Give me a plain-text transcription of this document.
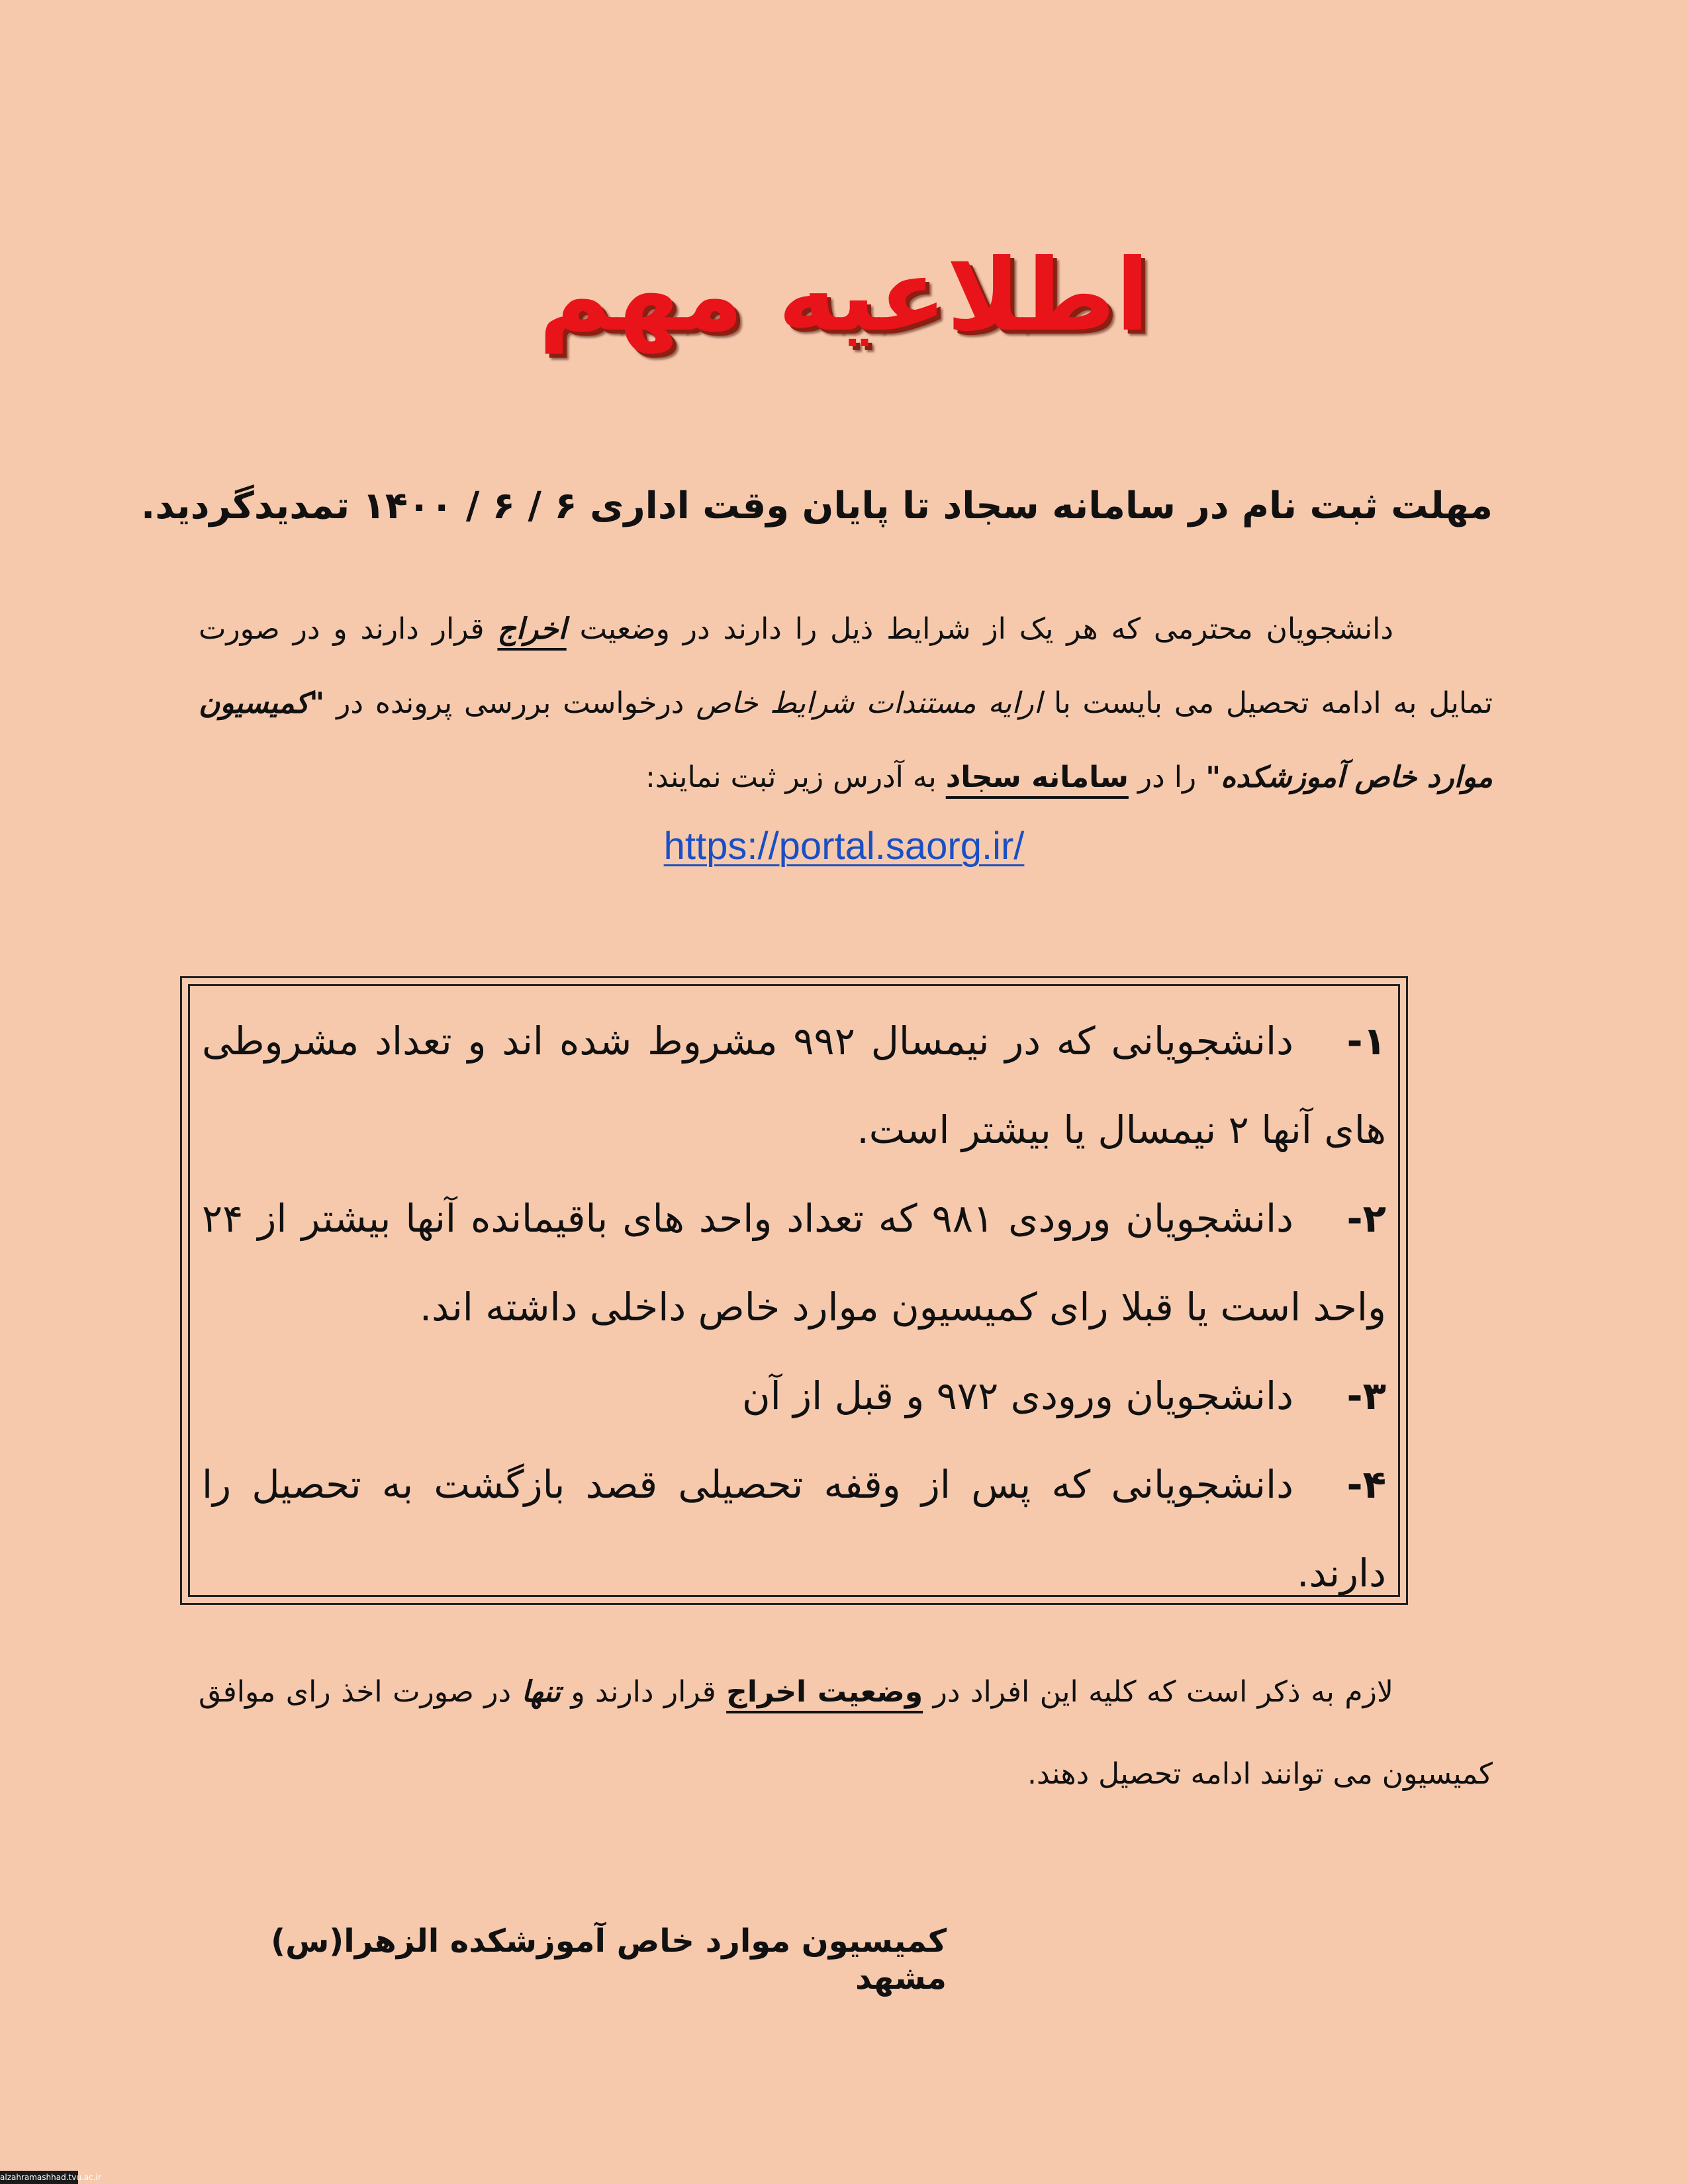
اطلاعیه مهم
مهلت ثبت نام در سامانه سجاد تا پایان وقت اداری ۶ / ۶ / ۱۴۰۰ تمدیدگردید.
دانشجویان محترمی که هر یک از شرایط ذیل را دارند در وضعیت اخراج قرار دارند و در صورت تمایل به ادامه تحصیل می بایست با ارایه مستندات شرایط خاص درخواست بررسی پرونده در "کمیسیون موارد خاص آموزشکده" را در سامانه سجاد به آدرس زیر ثبت نمایند:
https://portal.saorg.ir/
۱-دانشجویانی که در نیمسال ۹۹۲ مشروط شده اند و تعداد مشروطی های آنها ۲ نیمسال یا بیشتر است.
۲-دانشجویان ورودی ۹۸۱ که تعداد واحد های باقیمانده آنها بیشتر از ۲۴ واحد است یا قبلا رای کمیسیون موارد خاص داخلی داشته اند.
۳-دانشجویان ورودی ۹۷۲ و قبل از آن
۴-دانشجویانی که پس از وقفه تحصیلی قصد بازگشت به تحصیل را دارند.
لازم به ذکر است که کلیه این افراد در وضعیت اخراج قرار دارند و تنها در صورت اخذ رای موافق کمیسیون می توانند ادامه تحصیل دهند.
کمیسیون موارد خاص آموزشکده الزهرا(س) مشهد
alzahramashhad.tvu.ac.ir
